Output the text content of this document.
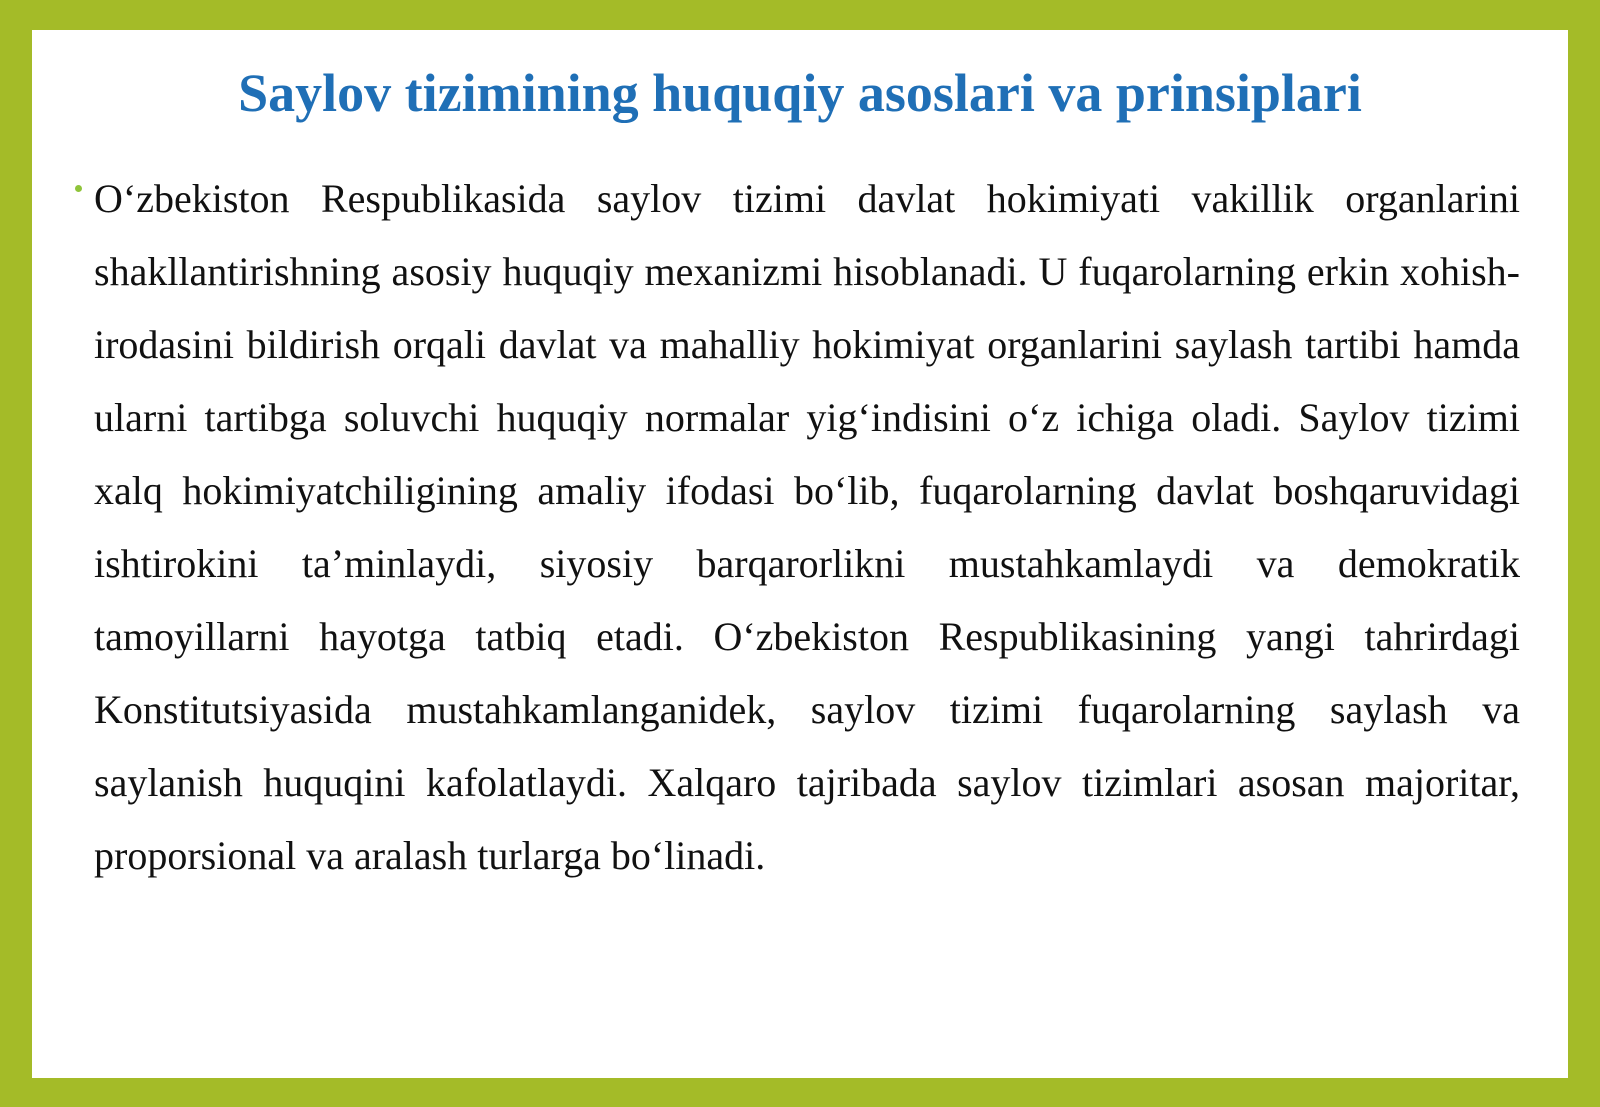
Saylov tizimining huquqiy asoslari va prinsiplari

O‘zbekiston Respublikasida saylov tizimi davlat hokimiyati vakillik organlarini shakllantirishning asosiy huquqiy mexanizmi hisoblanadi. U fuqarolarning erkin xohish-irodasini bildirish orqali davlat va mahalliy hokimiyat organlarini saylash tartibi hamda ularni tartibga soluvchi huquqiy normalar yig‘indisini o‘z ichiga oladi. Saylov tizimi xalq hokimiyatchiligining amaliy ifodasi bo‘lib, fuqarolarning davlat boshqaruvidagi ishtirokini ta’minlaydi, siyosiy barqarorlikni mustahkamlaydi va demokratik tamoyillarni hayotga tatbiq etadi. O‘zbekiston Respublikasining yangi tahrirdagi Konstitutsiyasida mustahkamlanganidek, saylov tizimi fuqarolarning saylash va saylanish huquqini kafolatlaydi. Xalqaro tajribada saylov tizimlari asosan majoritar, proporsional va aralash turlarga bo‘linadi.
